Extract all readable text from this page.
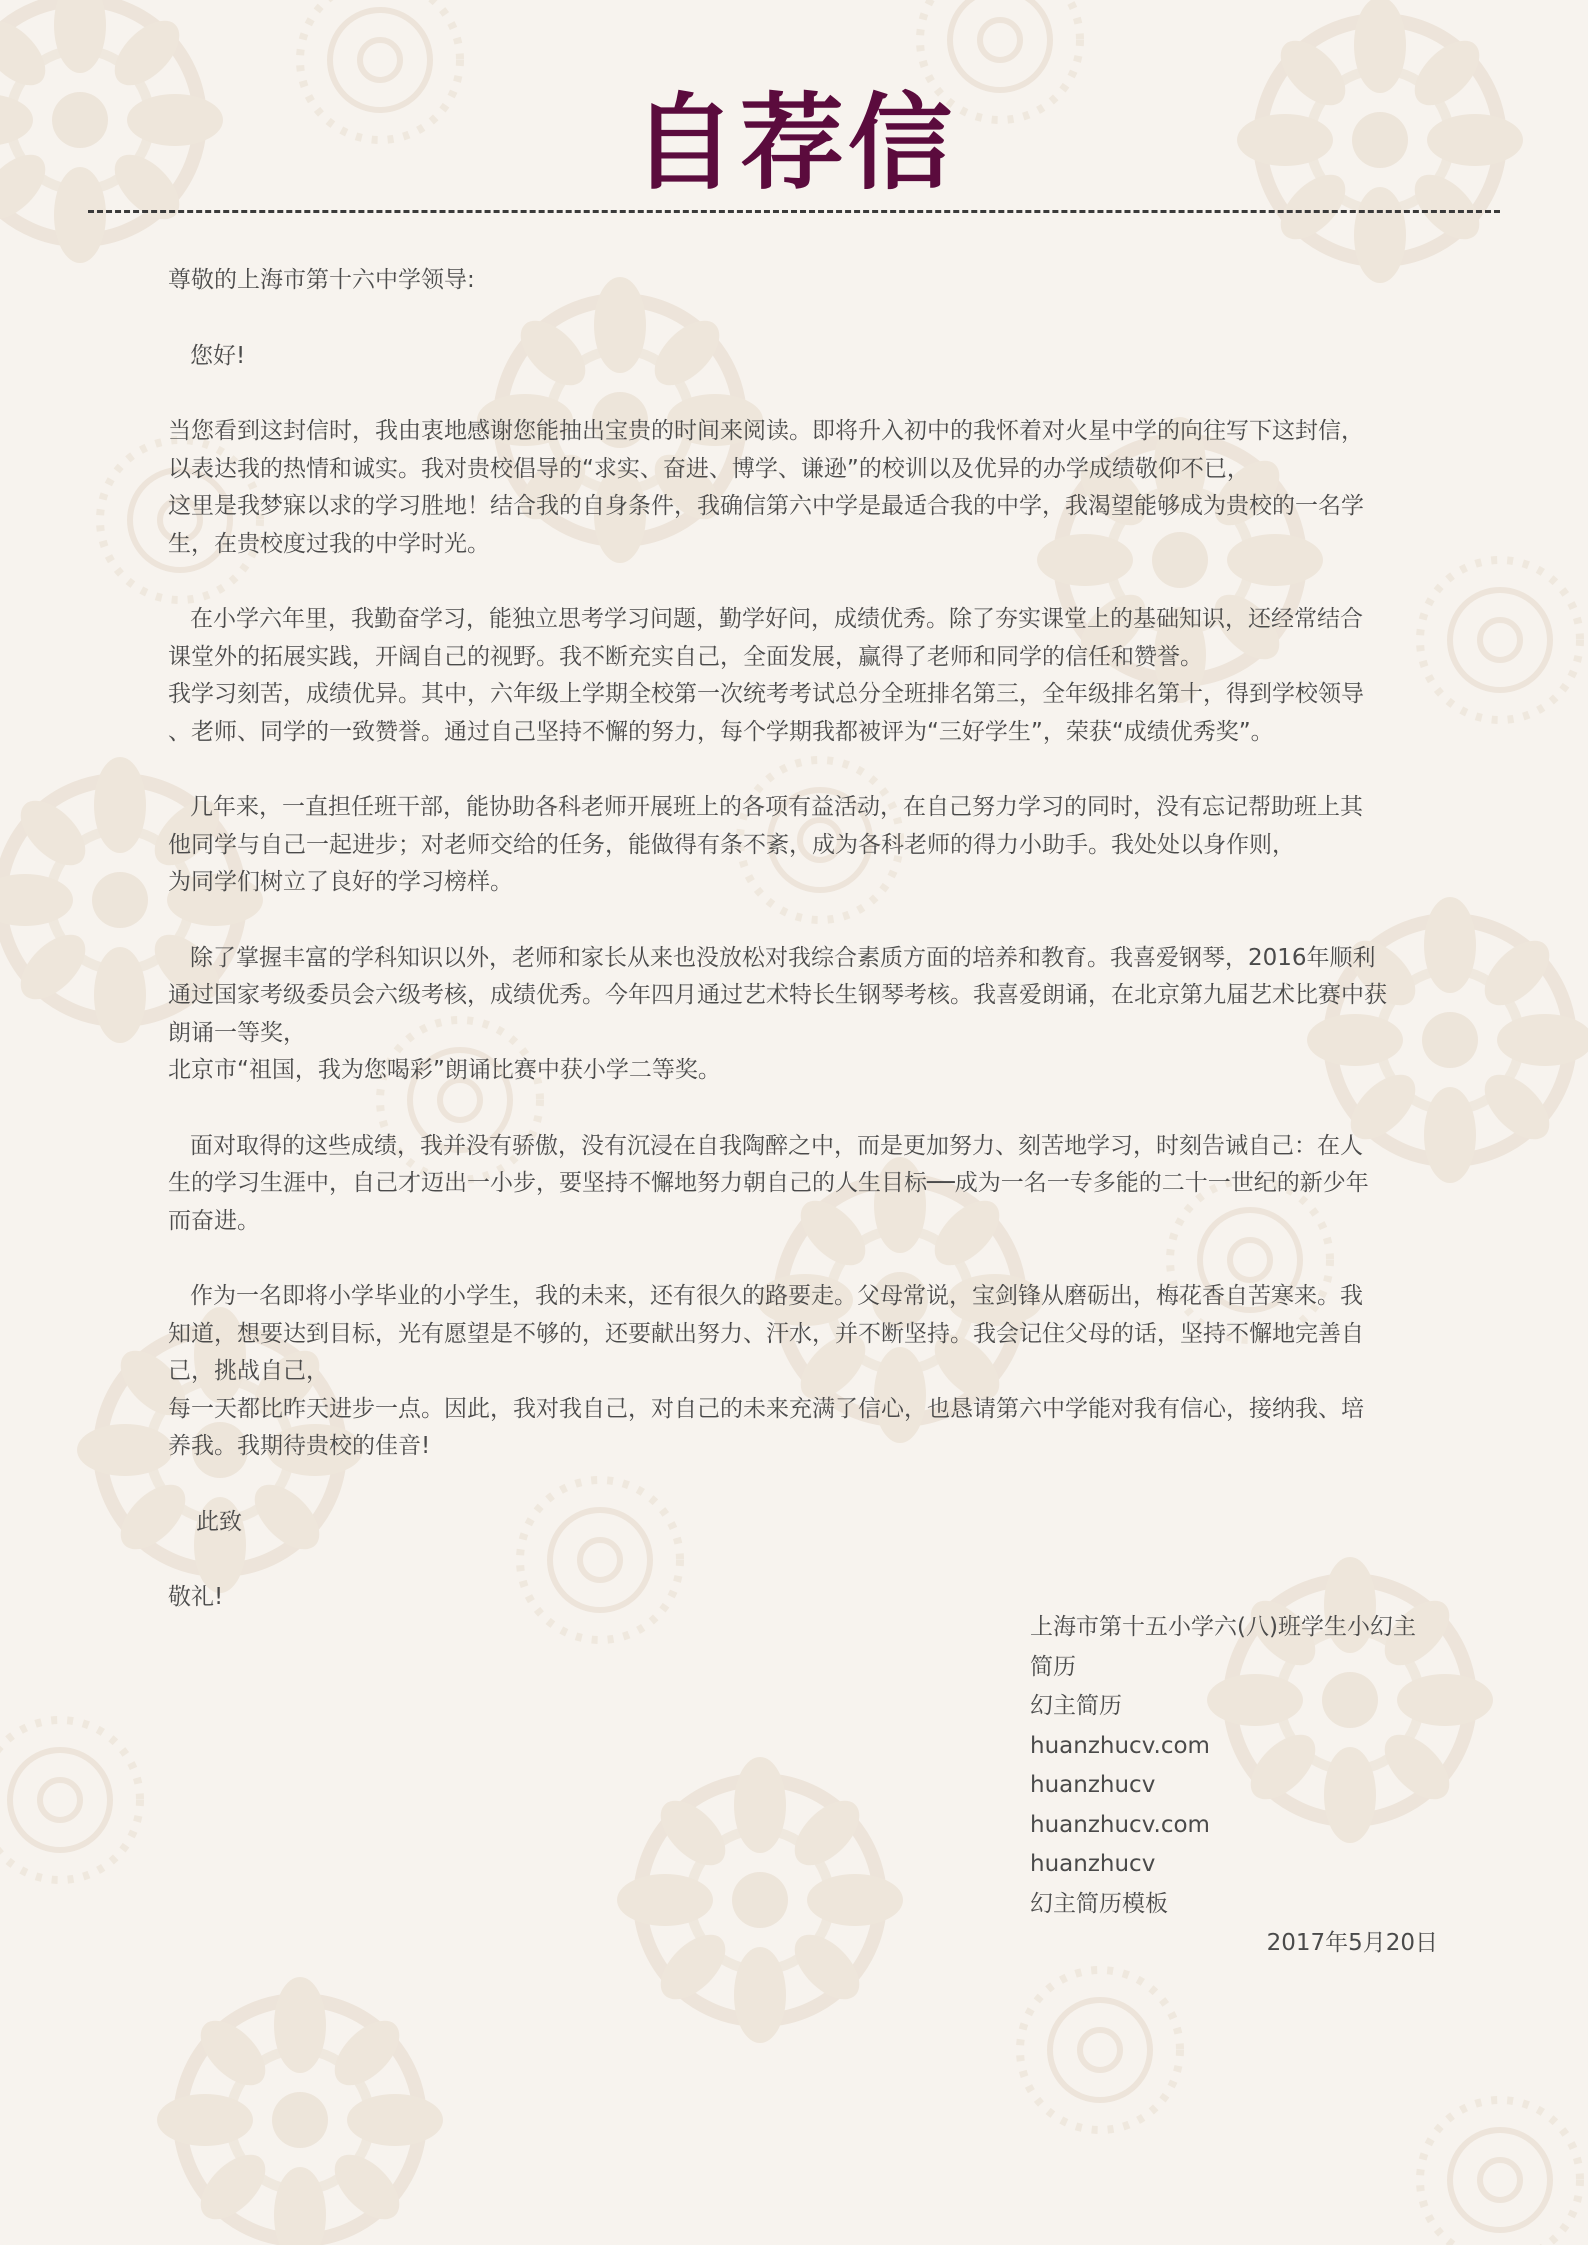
自荐信

尊敬的上海市第十六中学领导:

您好!

当您看到这封信时，我由衷地感谢您能抽出宝贵的时间来阅读。即将升入初中的我怀着对火星中学的向往写下这封信，
以表达我的热情和诚实。我对贵校倡导的“求实、奋进、博学、谦逊”的校训以及优异的办学成绩敬仰不已，
这里是我梦寐以求的学习胜地！结合我的自身条件，我确信第六中学是最适合我的中学，我渴望能够成为贵校的一名学
生，在贵校度过我的中学时光。

在小学六年里，我勤奋学习，能独立思考学习问题，勤学好问，成绩优秀。除了夯实课堂上的基础知识，还经常结合
课堂外的拓展实践，开阔自己的视野。我不断充实自己，全面发展，赢得了老师和同学的信任和赞誉。
我学习刻苦，成绩优异。其中，六年级上学期全校第一次统考考试总分全班排名第三，全年级排名第十，得到学校领导
、老师、同学的一致赞誉。通过自己坚持不懈的努力，每个学期我都被评为“三好学生”，荣获“成绩优秀奖”。

几年来，一直担任班干部，能协助各科老师开展班上的各项有益活动，在自己努力学习的同时，没有忘记帮助班上其
他同学与自己一起进步；对老师交给的任务，能做得有条不紊，成为各科老师的得力小助手。我处处以身作则，
为同学们树立了良好的学习榜样。

除了掌握丰富的学科知识以外，老师和家长从来也没放松对我综合素质方面的培养和教育。我喜爱钢琴，2016年顺利
通过国家考级委员会六级考核，成绩优秀。今年四月通过艺术特长生钢琴考核。我喜爱朗诵，在北京第九届艺术比赛中获
朗诵一等奖，
北京市“祖国，我为您喝彩”朗诵比赛中获小学二等奖。

面对取得的这些成绩，我并没有骄傲，没有沉浸在自我陶醉之中，而是更加努力、刻苦地学习，时刻告诫自己：在人
生的学习生涯中，自己才迈出一小步，要坚持不懈地努力朝自己的人生目标──成为一名一专多能的二十一世纪的新少年
而奋进。

作为一名即将小学毕业的小学生，我的未来，还有很久的路要走。父母常说，宝剑锋从磨砺出，梅花香自苦寒来。我
知道，想要达到目标，光有愿望是不够的，还要献出努力、汗水，并不断坚持。我会记住父母的话，坚持不懈地完善自
己，挑战自己，
每一天都比昨天进步一点。因此，我对我自己，对自己的未来充满了信心，也恳请第六中学能对我有信心，接纳我、培
养我。我期待贵校的佳音!

此致

敬礼!

上海市第十五小学六(八)班学生小幻主
简历
幻主简历
huanzhucv.com
huanzhucv
huanzhucv.com
huanzhucv
幻主简历模板
2017年5月20日
